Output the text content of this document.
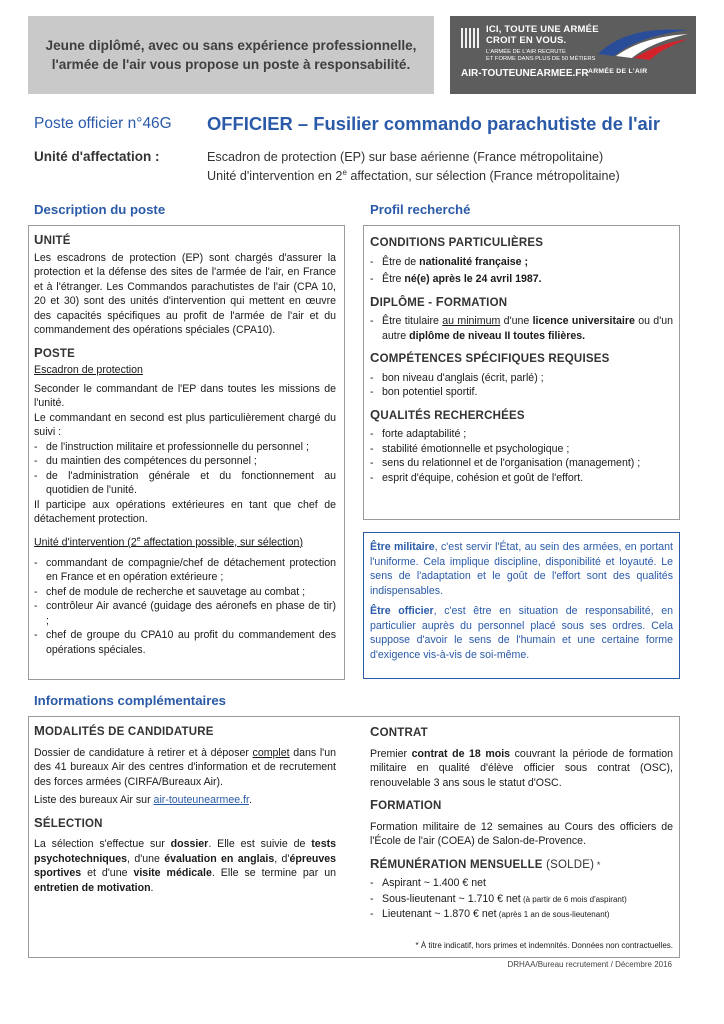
Jeune diplômé, avec ou sans expérience professionnelle,
l'armée de l'air vous propose un poste à responsabilité.
ICI, TOUTE UNE ARMÉE
CROIT EN VOUS.
L'ARMÉE DE L'AIR RECRUTE
ET FORME DANS PLUS DE 50 MÉTIERS
AIR-TOUTEUNEARMEE.FR ARMÉE DE L'AIR
Poste officier n°46G OFFICIER – Fusilier commando parachutiste de l'air
Unité d'affectation :	Escadron de protection (EP) sur base aérienne (France métropolitaine)
Unité d'intervention en 2e affectation, sur sélection (France métropolitaine)
Description du poste
UNITÉ
Les escadrons de protection (EP) sont chargés d'assurer la protection et la défense des sites de l'armée de l'air, en France et à l'étranger. Les Commandos parachutistes de l'air (CPA 10, 20 et 30) sont des unités d'intervention qui mettent en œuvre des capacités spécifiques au profit de l'armée de l'air et du commandement des opérations spéciales (CPA10).
POSTE
Escadron de protection
Seconder le commandant de l'EP dans toutes les missions de l'unité.
Le commandant en second est plus particulièrement chargé du suivi :
- de l'instruction militaire et professionnelle du personnel ;
- du maintien des compétences du personnel ;
- de l'administration générale et du fonctionnement au quotidien de l'unité.
Il participe aux opérations extérieures en tant que chef de détachement protection.
Unité d'intervention (2e affectation possible, sur sélection)
- commandant de compagnie/chef de détachement protection en France et en opération extérieure ;
- chef de module de recherche et sauvetage au combat ;
- contrôleur Air avancé (guidage des aéronefs en phase de tir) ;
- chef de groupe du CPA10 au profit du commandement des opérations spéciales.
Profil recherché
CONDITIONS PARTICULIÈRES
- Être de nationalité française ;
- Être né(e) après le 24 avril 1987.
DIPLÔME - FORMATION
- Être titulaire au minimum d'une licence universitaire ou d'un autre diplôme de niveau II toutes filières.
COMPÉTENCES SPÉCIFIQUES REQUISES
- bon niveau d'anglais (écrit, parlé) ;
- bon potentiel sportif.
QUALITÉS RECHERCHÉES
- forte adaptabilité ;
- stabilité émotionnelle et psychologique ;
- sens du relationnel et de l'organisation (management) ;
- esprit d'équipe, cohésion et goût de l'effort.
Être militaire, c'est servir l'État, au sein des armées, en portant l'uniforme. Cela implique discipline, disponibilité et loyauté. Le sens de l'adaptation et le goût de l'effort sont des qualités indispensables.
Être officier, c'est être en situation de responsabilité, en particulier auprès du personnel placé sous ses ordres. Cela suppose d'avoir le sens de l'humain et une certaine forme d'exigence vis-à-vis de soi-même.
Informations complémentaires
MODALITÉS DE CANDIDATURE
Dossier de candidature à retirer et à déposer complet dans l'un des 41 bureaux Air des centres d'information et de recrutement des forces armées (CIRFA/Bureaux Air).
Liste des bureaux Air sur air-touteunearmee.fr.
SÉLECTION
La sélection s'effectue sur dossier. Elle est suivie de tests psychotechniques, d'une évaluation en anglais, d'épreuves sportives et d'une visite médicale. Elle se termine par un entretien de motivation.
CONTRAT
Premier contrat de 18 mois couvrant la période de formation militaire en qualité d'élève officier sous contrat (OSC), renouvelable 3 ans sous le statut d'OSC.
FORMATION
Formation militaire de 12 semaines au Cours des officiers de l'École de l'air (COEA) de Salon-de-Provence.
RÉMUNÉRATION MENSUELLE (SOLDE) *
- Aspirant ~ 1.400 € net
- Sous-lieutenant ~ 1.710 € net (à partir de 6 mois d'aspirant)
- Lieutenant ~ 1.870 € net (après 1 an de sous-lieutenant)
* À titre indicatif, hors primes et indemnités. Données non contractuelles.
DRHAA/Bureau recrutement / Décembre 2016
